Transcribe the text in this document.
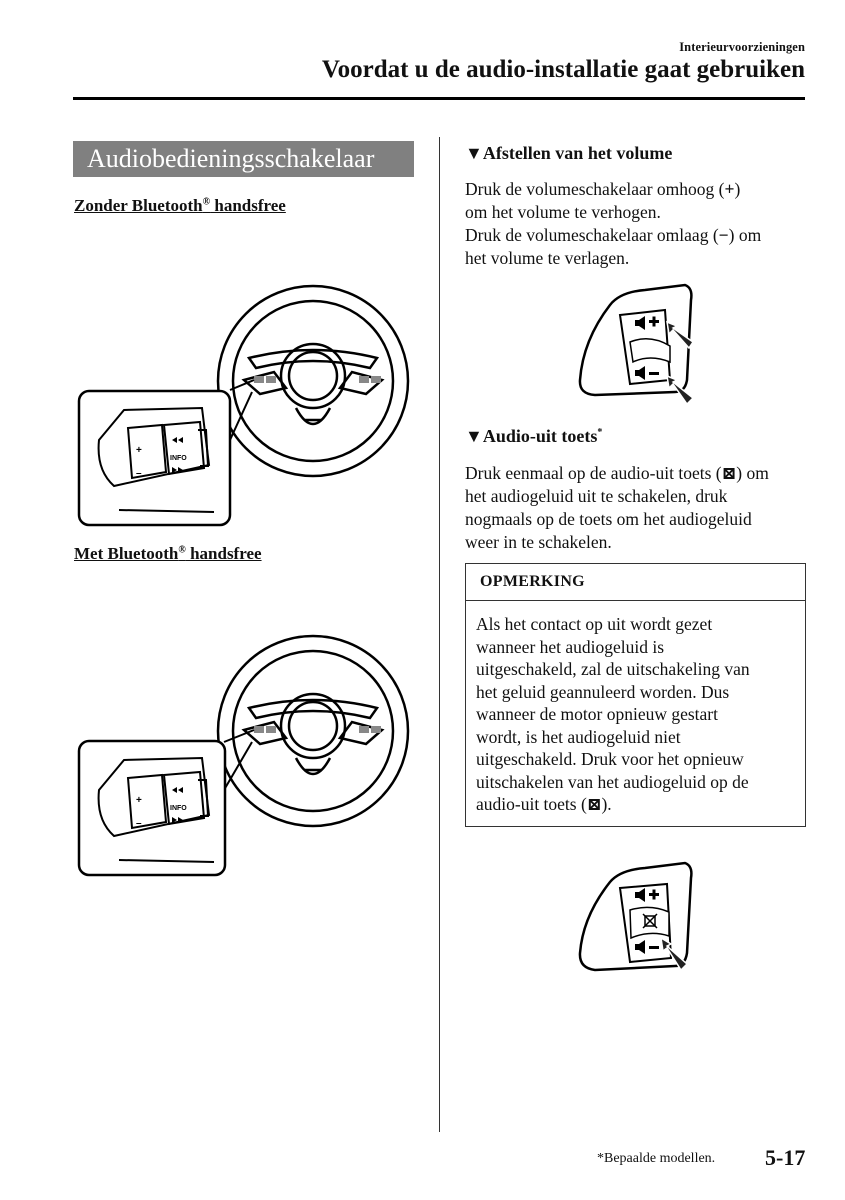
Interieurvoorzieningen
Voordat u de audio-installatie gaat gebruiken
Audiobedieningsschakelaar
Zonder Bluetooth® handsfree
+
–
INFO
Met Bluetooth® handsfree
+
–
INFO
▼Afstellen van het volume
Druk de volumeschakelaar omhoog (+)
om het volume te verhogen.
Druk de volumeschakelaar omlaag (−) om
het volume te verlagen.
▼Audio-uit toets*
Druk eenmaal op de audio-uit toets (⊠) om
het audiogeluid uit te schakelen, druk
nogmaals op de toets om het audiogeluid
weer in te schakelen.
OPMERKING
Als het contact op uit wordt gezet
wanneer het audiogeluid is
uitgeschakeld, zal de uitschakeling van
het geluid geannuleerd worden. Dus
wanneer de motor opnieuw gestart
wordt, is het audiogeluid niet
uitgeschakeld. Druk voor het opnieuw
uitschakelen van het audiogeluid op de
audio-uit toets (⊠).
*Bepaalde modellen. 5-17
